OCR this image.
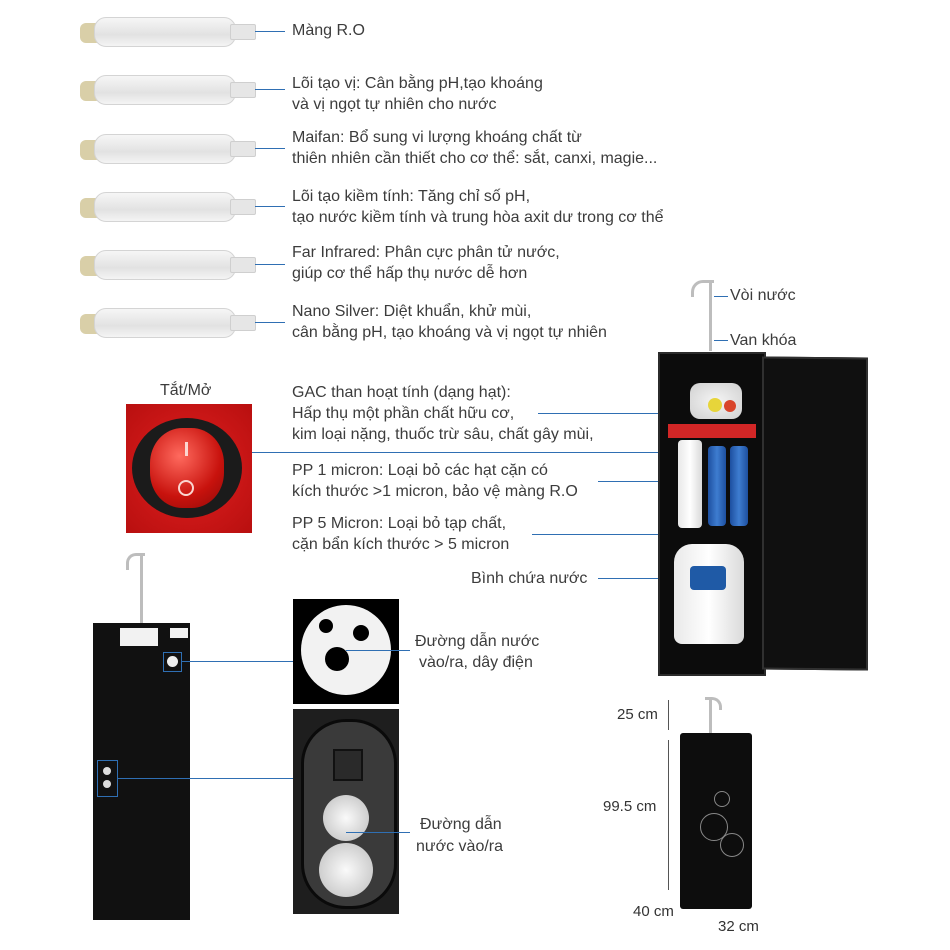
Màng R.O
Lõi tạo vị: Cân bằng pH,tạo khoáng
và vị ngọt tự nhiên cho nước
Maifan: Bổ sung vi lượng khoáng chất từ
thiên nhiên cần thiết cho cơ thể: sắt, canxi, magie...
Lõi tạo kiềm tính: Tăng chỉ số pH,
tạo nước kiềm tính và trung hòa axit dư trong cơ thể
Far Infrared: Phân cực phân tử nước,
giúp cơ thể hấp thụ nước dễ hơn
Nano Silver: Diệt khuẩn, khử mùi,
cân bằng pH, tạo khoáng và vị ngọt tự nhiên
Tắt/Mở	GAC than hoạt tính (dạng hạt):
Hấp thụ một phần chất hữu cơ,
kim loại nặng, thuốc trừ sâu, chất gây mùi,
PP 1 micron: Loại bỏ các hạt cặn có
kích thước >1 micron, bảo vệ màng R.O
PP 5 Micron: Loại bỏ tạp chất,
cặn bẩn kích thước > 5 micron
Bình chứa nước
Vòi nước
Van khóa
Đường dẫn nước
vào/ra, dây điện
Đường dẫn
nước vào/ra
25 cm
99.5 cm
40 cm
32 cm
